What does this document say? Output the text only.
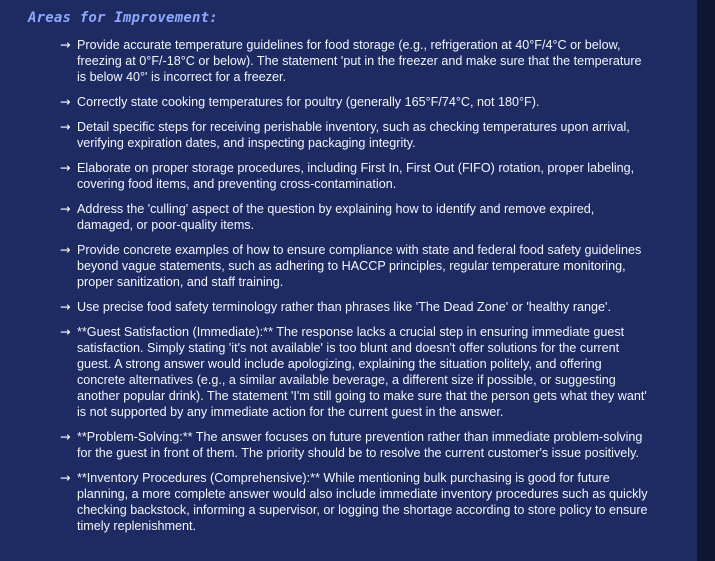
Areas for Improvement:
→ Provide accurate temperature guidelines for food storage (e.g., refrigeration at 40°F/4°C or below, freezing at 0°F/-18°C or below). The statement 'put in the freezer and make sure that the temperature is below 40°' is incorrect for a freezer.
→ Correctly state cooking temperatures for poultry (generally 165°F/74°C, not 180°F).
→ Detail specific steps for receiving perishable inventory, such as checking temperatures upon arrival, verifying expiration dates, and inspecting packaging integrity.
→ Elaborate on proper storage procedures, including First In, First Out (FIFO) rotation, proper labeling, covering food items, and preventing cross-contamination.
→ Address the 'culling' aspect of the question by explaining how to identify and remove expired, damaged, or poor-quality items.
→ Provide concrete examples of how to ensure compliance with state and federal food safety guidelines beyond vague statements, such as adhering to HACCP principles, regular temperature monitoring, proper sanitization, and staff training.
→ Use precise food safety terminology rather than phrases like 'The Dead Zone' or 'healthy range'.
→ **Guest Satisfaction (Immediate):** The response lacks a crucial step in ensuring immediate guest satisfaction. Simply stating 'it's not available' is too blunt and doesn't offer solutions for the current guest. A strong answer would include apologizing, explaining the situation politely, and offering concrete alternatives (e.g., a similar available beverage, a different size if possible, or suggesting another popular drink). The statement 'I'm still going to make sure that the person gets what they want' is not supported by any immediate action for the current guest in the answer.
→ **Problem-Solving:** The answer focuses on future prevention rather than immediate problem-solving for the guest in front of them. The priority should be to resolve the current customer's issue positively.
→ **Inventory Procedures (Comprehensive):** While mentioning bulk purchasing is good for future planning, a more complete answer would also include immediate inventory procedures such as quickly checking backstock, informing a supervisor, or logging the shortage according to store policy to ensure timely replenishment.
